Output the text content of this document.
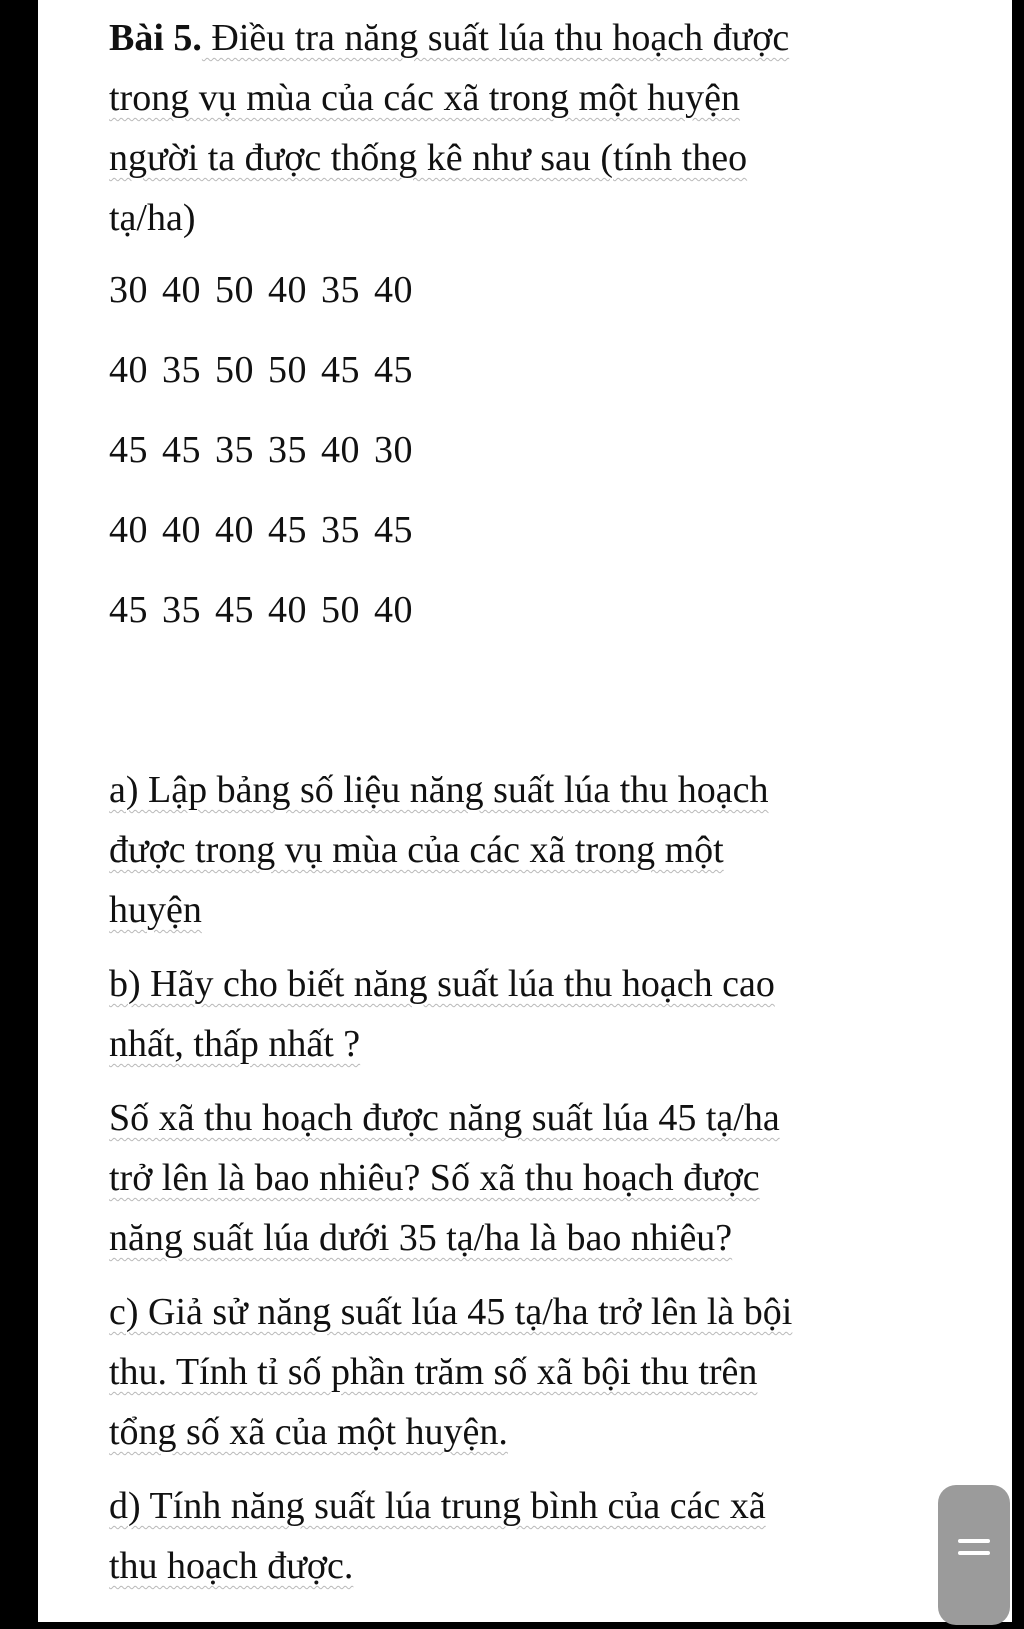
Bài 5. Điều tra năng suất lúa thu hoạch được

trong vụ mùa của các xã trong một huyện

người ta được thống kê như sau (tính theo

tạ/ha)

30 40 50 40 35 40

40 35 50 50 45 45

45 45 35 35 40 30

40 40 40 45 35 45

45 35 45 40 50 40

a) Lập bảng số liệu năng suất lúa thu hoạch

được trong vụ mùa của các xã trong một

huyện

b) Hãy cho biết năng suất lúa thu hoạch cao

nhất, thấp nhất ?

Số xã thu hoạch được năng suất lúa 45 tạ/ha

trở lên là bao nhiêu? Số xã thu hoạch được

năng suất lúa dưới 35 tạ/ha là bao nhiêu?

c) Giả sử năng suất lúa 45 tạ/ha trở lên là bội

thu. Tính tỉ số phần trăm số xã bội thu trên

tổng số xã của một huyện.

d) Tính năng suất lúa trung bình của các xã

thu hoạch được.
